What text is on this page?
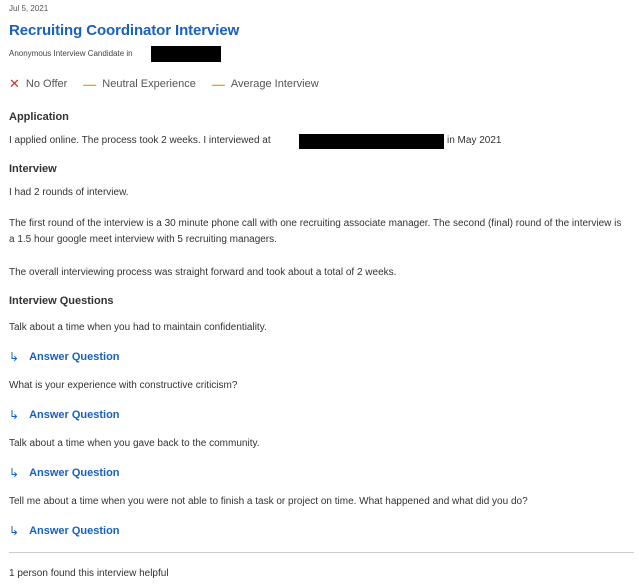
Jul 5, 2021
Recruiting Coordinator Interview
Anonymous Interview Candidate in
✕ No Offer — Neutral Experience — Average Interview
Application
I applied online. The process took 2 weeks. I interviewed at	in May 2021
Interview
I had 2 rounds of interview.
The first round of the interview is a 30 minute phone call with one recruiting associate manager. The second (final) round of the interview is a 1.5 hour google meet interview with 5 recruiting managers.
The overall interviewing process was straight forward and took about a total of 2 weeks.
Interview Questions
Talk about a time when you had to maintain confidentiality.
↳ Answer Question
What is your experience with constructive criticism?
↳ Answer Question
Talk about a time when you gave back to the community.
↳ Answer Question
Tell me about a time when you were not able to finish a task or project on time. What happened and what did you do?
↳ Answer Question
1 person found this interview helpful
